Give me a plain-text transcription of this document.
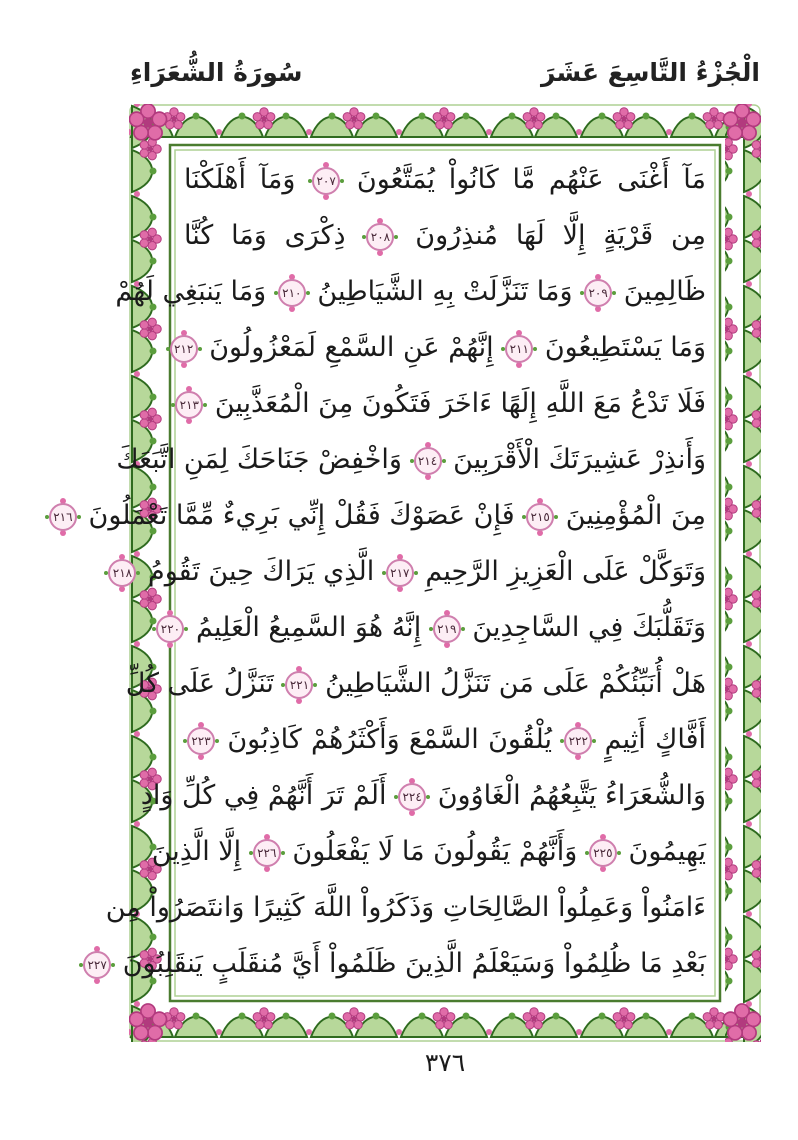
الْجُزْءُ التَّاسِعَ عَشَرَ
سُورَةُ الشُّعَرَاءِ
مَآ أَغْنَى عَنْهُم مَّا كَانُواْ يُمَتَّعُونَ ٢٠٧ وَمَآ أَهْلَكْنَا
مِن قَرْيَةٍ إِلَّا لَهَا مُنذِرُونَ ٢٠٨ ذِكْرَى وَمَا كُنَّا
ظَالِمِينَ ٢٠٩ وَمَا تَنَزَّلَتْ بِهِ الشَّيَاطِينُ ٢١٠ وَمَا يَنبَغِي لَهُمْ
وَمَا يَسْتَطِيعُونَ ٢١١ إِنَّهُمْ عَنِ السَّمْعِ لَمَعْزُولُونَ ٢١٢
فَلَا تَدْعُ مَعَ اللَّهِ إِلَهًا ءَاخَرَ فَتَكُونَ مِنَ الْمُعَذَّبِينَ ٢١٣
وَأَنذِرْ عَشِيرَتَكَ الْأَقْرَبِينَ ٢١٤ وَاخْفِضْ جَنَاحَكَ لِمَنِ اتَّبَعَكَ
مِنَ الْمُؤْمِنِينَ ٢١٥ فَإِنْ عَصَوْكَ فَقُلْ إِنِّي بَرِيءٌ مِّمَّا تَعْمَلُونَ ٢١٦
وَتَوَكَّلْ عَلَى الْعَزِيزِ الرَّحِيمِ ٢١٧ الَّذِي يَرَاكَ حِينَ تَقُومُ ٢١٨
وَتَقَلُّبَكَ فِي السَّاجِدِينَ ٢١٩ إِنَّهُ هُوَ السَّمِيعُ الْعَلِيمُ ٢٢٠
هَلْ أُنَبِّئُكُمْ عَلَى مَن تَنَزَّلُ الشَّيَاطِينُ ٢٢١ تَنَزَّلُ عَلَى كُلِّ
أَفَّاكٍ أَثِيمٍ ٢٢٢ يُلْقُونَ السَّمْعَ وَأَكْثَرُهُمْ كَاذِبُونَ ٢٢٣
وَالشُّعَرَاءُ يَتَّبِعُهُمُ الْغَاوُونَ ٢٢٤ أَلَمْ تَرَ أَنَّهُمْ فِي كُلِّ وَادٍ
يَهِيمُونَ ٢٢٥ وَأَنَّهُمْ يَقُولُونَ مَا لَا يَفْعَلُونَ ٢٢٦ إِلَّا الَّذِينَ
ءَامَنُواْ وَعَمِلُواْ الصَّالِحَاتِ وَذَكَرُواْ اللَّهَ كَثِيرًا وَانتَصَرُواْ مِن
بَعْدِ مَا ظُلِمُواْ وَسَيَعْلَمُ الَّذِينَ ظَلَمُواْ أَيَّ مُنقَلَبٍ يَنقَلِبُونَ ٢٢٧
٣٧٦
